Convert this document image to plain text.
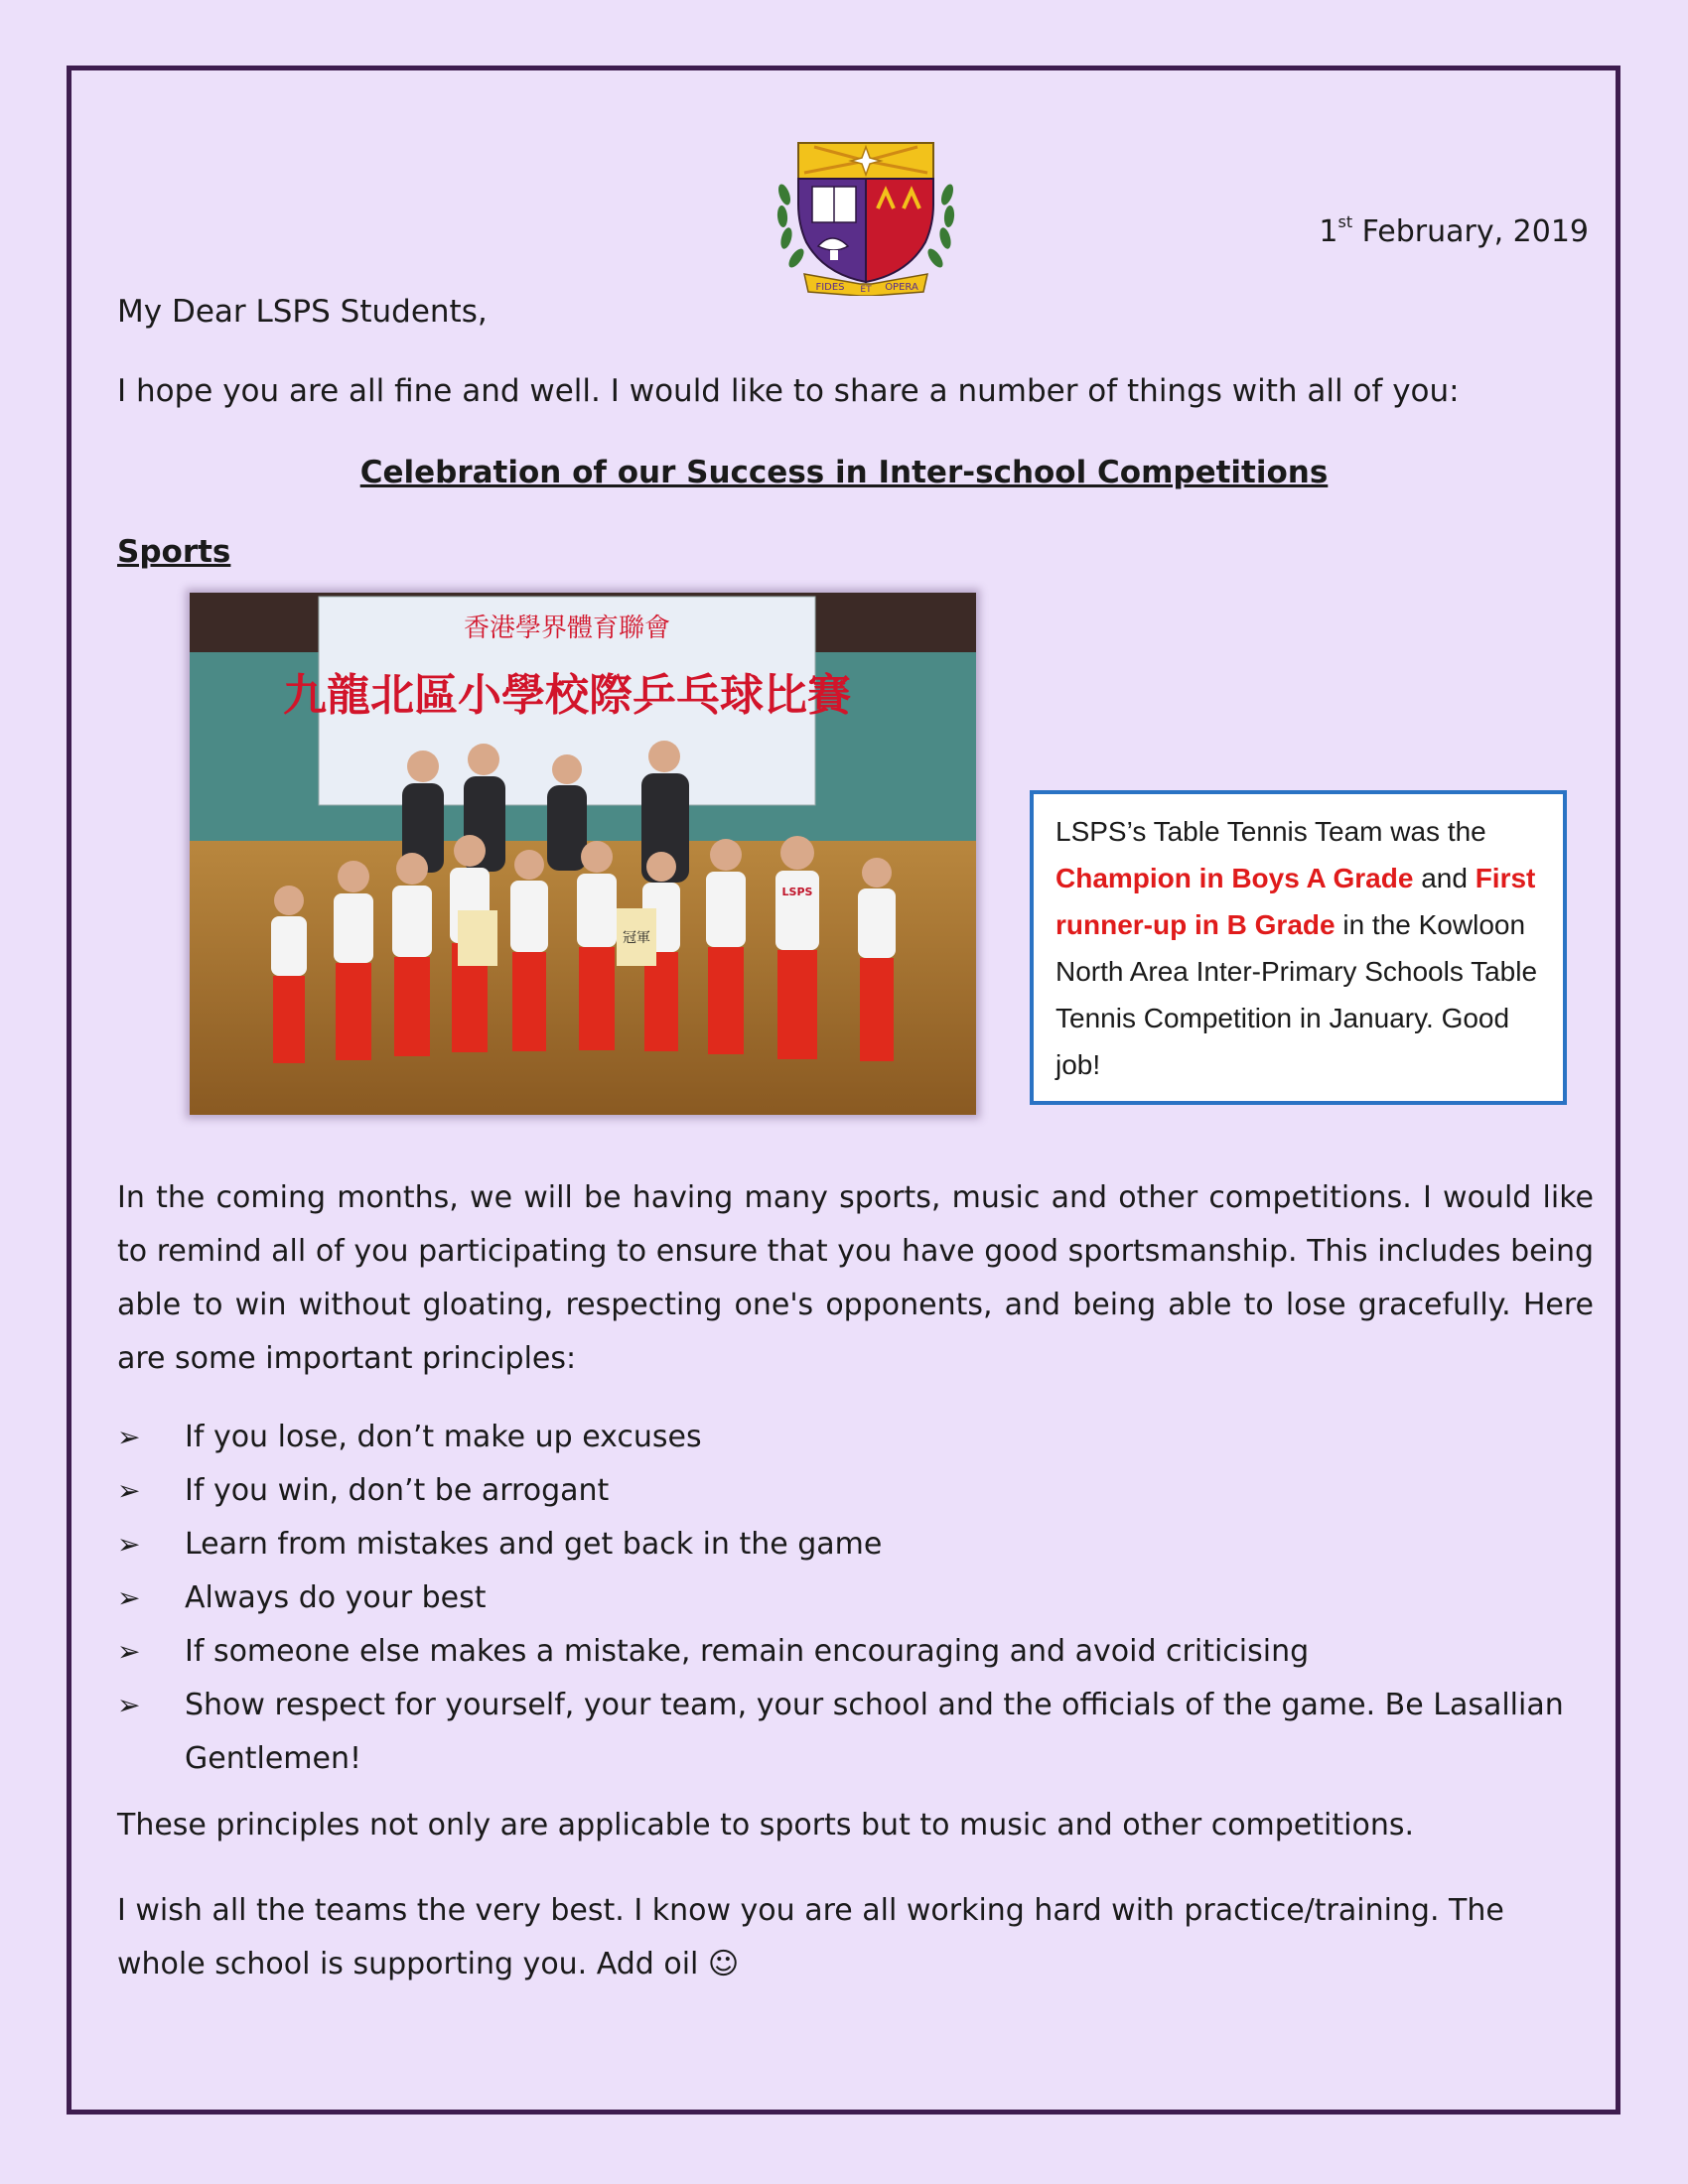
FIDES ET OPERA
1st February, 2019
My Dear LSPS Students,
I hope you are all fine and well. I would like to share a number of things with all of you:
Celebration of our Success in Inter-school Competitions
Sports
香港學界體育聯會
九龍北區小學校際乒乓球比賽
冠軍
LSPS
LSPS’s Table Tennis Team was the Champion in Boys A Grade and First runner-up in B Grade in the Kowloon North Area Inter-Primary Schools Table Tennis Competition in January. Good job!
In the coming months, we will be having many sports, music and other competitions. I would like to remind all of you participating to ensure that you have good sportsmanship. This includes being able to win without gloating, respecting one's opponents, and being able to lose gracefully. Here are some important principles:
➢ If you lose, don’t make up excuses
➢ If you win, don’t be arrogant
➢ Learn from mistakes and get back in the game
➢ Always do your best
➢ If someone else makes a mistake, remain encouraging and avoid criticising
➢ Show respect for yourself, your team, your school and the officials of the game. Be Lasallian Gentlemen!
These principles not only are applicable to sports but to music and other competitions.
I wish all the teams the very best. I know you are all working hard with practice/training. The whole school is supporting you. Add oil ☺
